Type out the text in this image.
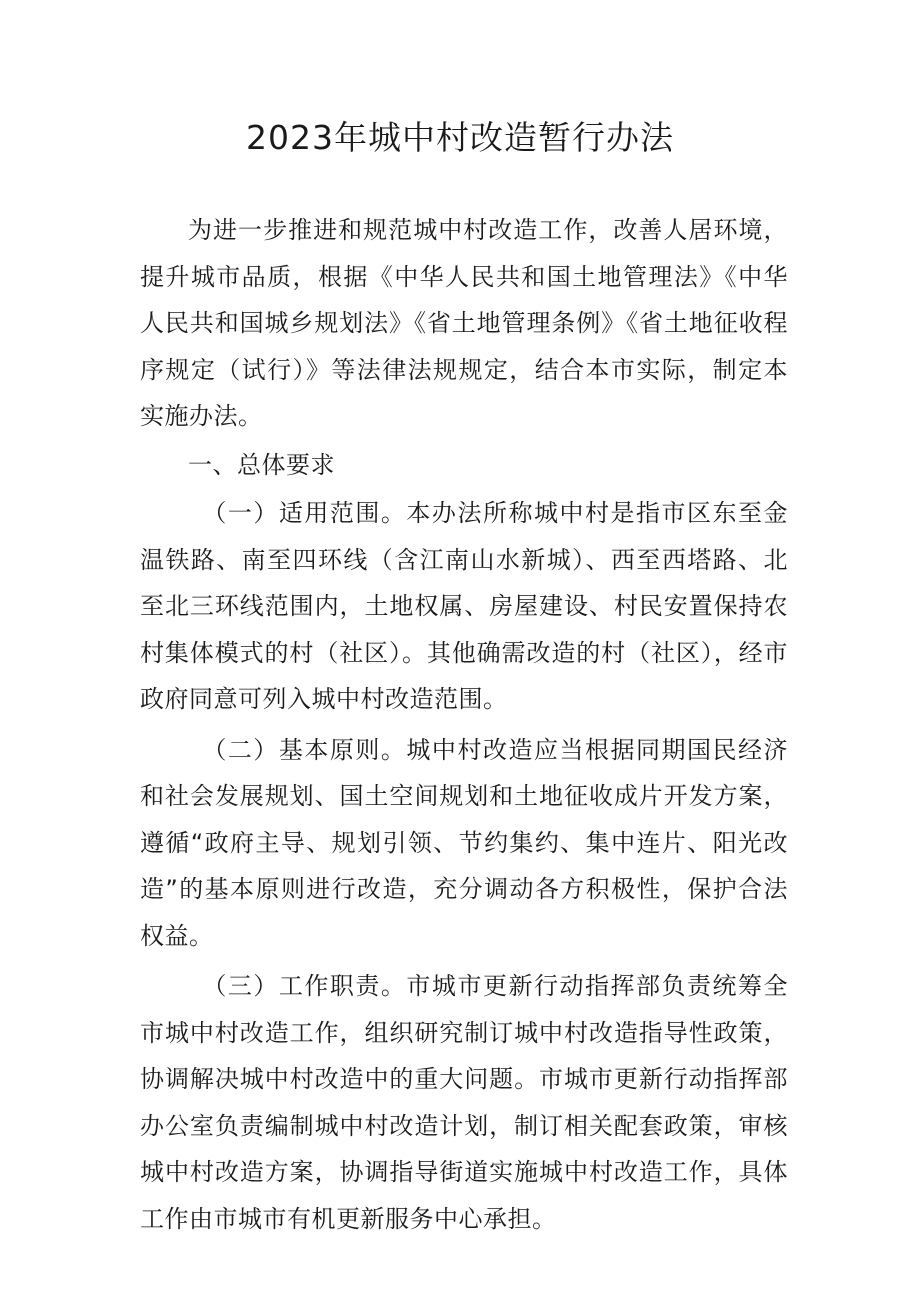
2023年城中村改造暂行办法

为进一步推进和规范城中村改造工作，改善人居环境，提升城市品质，根据《中华人民共和国土地管理法》《中华人民共和国城乡规划法》《省土地管理条例》《省土地征收程序规定（试行）》等法律法规规定，结合本市实际，制定本实施办法。

一、总体要求

（一）适用范围。本办法所称城中村是指市区东至金温铁路、南至四环线（含江南山水新城）、西至西塔路、北至北三环线范围内，土地权属、房屋建设、村民安置保持农村集体模式的村（社区）。其他确需改造的村（社区），经市政府同意可列入城中村改造范围。

（二）基本原则。城中村改造应当根据同期国民经济和社会发展规划、国土空间规划和土地征收成片开发方案，遵循“政府主导、规划引领、节约集约、集中连片、阳光改造”的基本原则进行改造，充分调动各方积极性，保护合法权益。

（三）工作职责。市城市更新行动指挥部负责统筹全市城中村改造工作，组织研究制订城中村改造指导性政策，协调解决城中村改造中的重大问题。市城市更新行动指挥部办公室负责编制城中村改造计划，制订相关配套政策，审核城中村改造方案，协调指导街道实施城中村改造工作，具体工作由市城市有机更新服务中心承担。
